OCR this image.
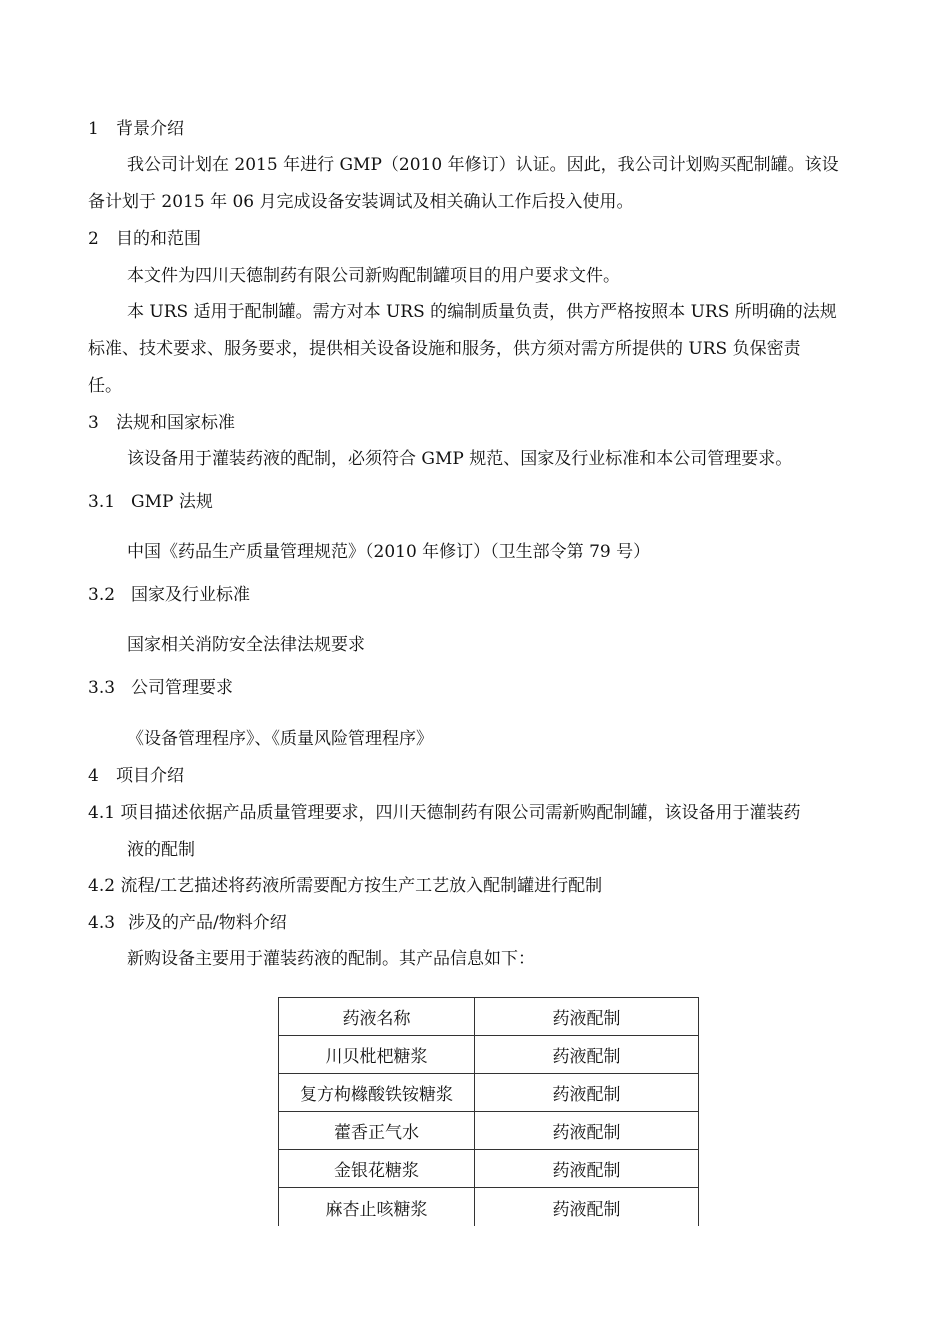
1 背景介绍
我公司计划在 2015 年进行 GMP（2010 年修订）认证。因此，我公司计划购买配制罐。该设
备计划于 2015 年 06 月完成设备安装调试及相关确认工作后投入使用。
2 目的和范围
本文件为四川天德制药有限公司新购配制罐项目的用户要求文件。
本 URS 适用于配制罐。需方对本 URS 的编制质量负责，供方严格按照本 URS 所明确的法规
标准、技术要求、服务要求，提供相关设备设施和服务，供方须对需方所提供的 URS 负保密责
任。
3 法规和国家标准
该设备用于灌装药液的配制，必须符合 GMP 规范、国家及行业标准和本公司管理要求。
3.1 GMP 法规
中国《药品生产质量管理规范》（2010 年修订）（卫生部令第 79 号）
3.2 国家及行业标准
国家相关消防安全法律法规要求
3.3 公司管理要求
《设备管理程序》、《质量风险管理程序》
4 项目介绍
4.1 项目描述依据产品质量管理要求，四川天德制药有限公司需新购配制罐，该设备用于灌装药
液的配制
4.2 流程/工艺描述将药液所需要配方按生产工艺放入配制罐进行配制
4.3 涉及的产品/物料介绍
新购设备主要用于灌装药液的配制。其产品信息如下：
药液名称	药液配制
川贝枇杷糖浆	药液配制
复方枸橼酸铁铵糖浆	药液配制
藿香正气水	药液配制
金银花糖浆	药液配制
麻杏止咳糖浆	药液配制
